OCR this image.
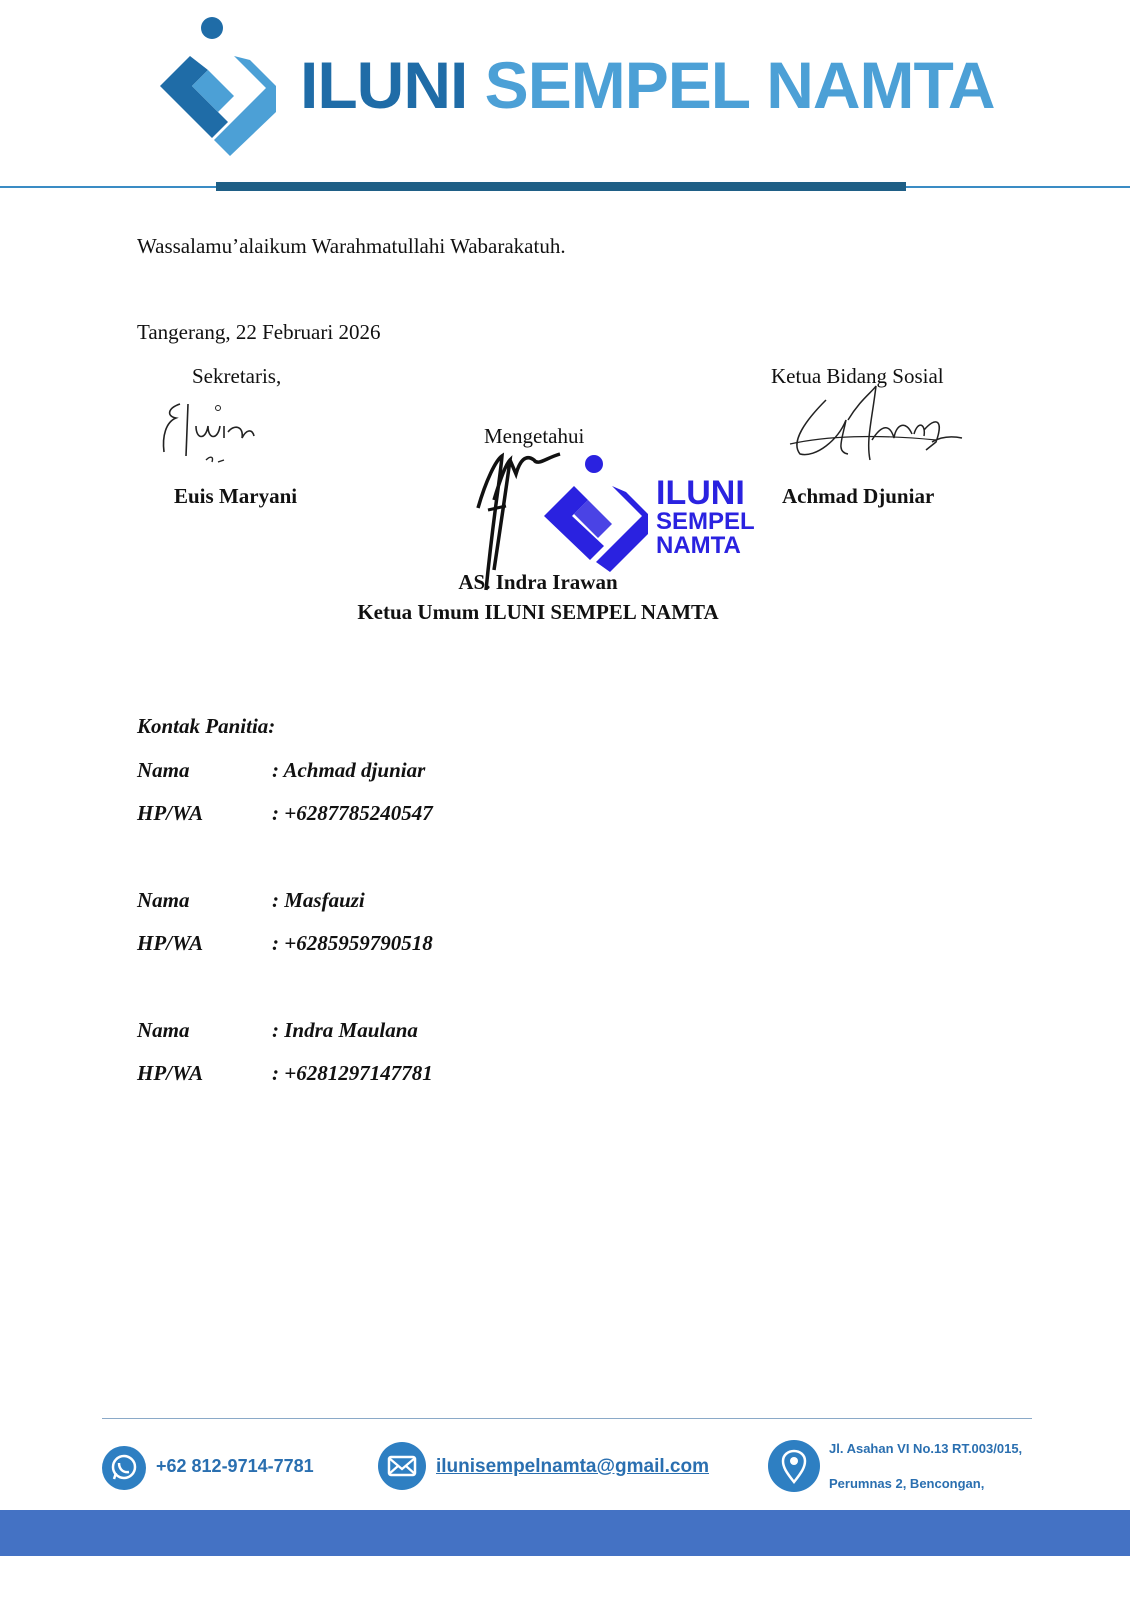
ILUNI SEMPEL NAMTA
Wassalamu’alaikum Warahmatullahi Wabarakatuh.
Tangerang, 22 Februari 2026
Sekretaris,
Euis Maryani
Mengetahui
ILUNI
SEMPEL
NAMTA
AS. Indra Irawan
Ketua Umum ILUNI SEMPEL NAMTA
Ketua Bidang Sosial
Achmad Djuniar
Kontak Panitia:
Nama	: Achmad djuniar
HP/WA	: +6287785240547
Nama	: Masfauzi
HP/WA	: +6285959790518
Nama	: Indra Maulana
HP/WA	: +6281297147781
+62 812-9714-7781	ilunisempelnamta@gmail.com
Jl. Asahan VI No.13 RT.003/015,
Perumnas 2, Bencongan,
